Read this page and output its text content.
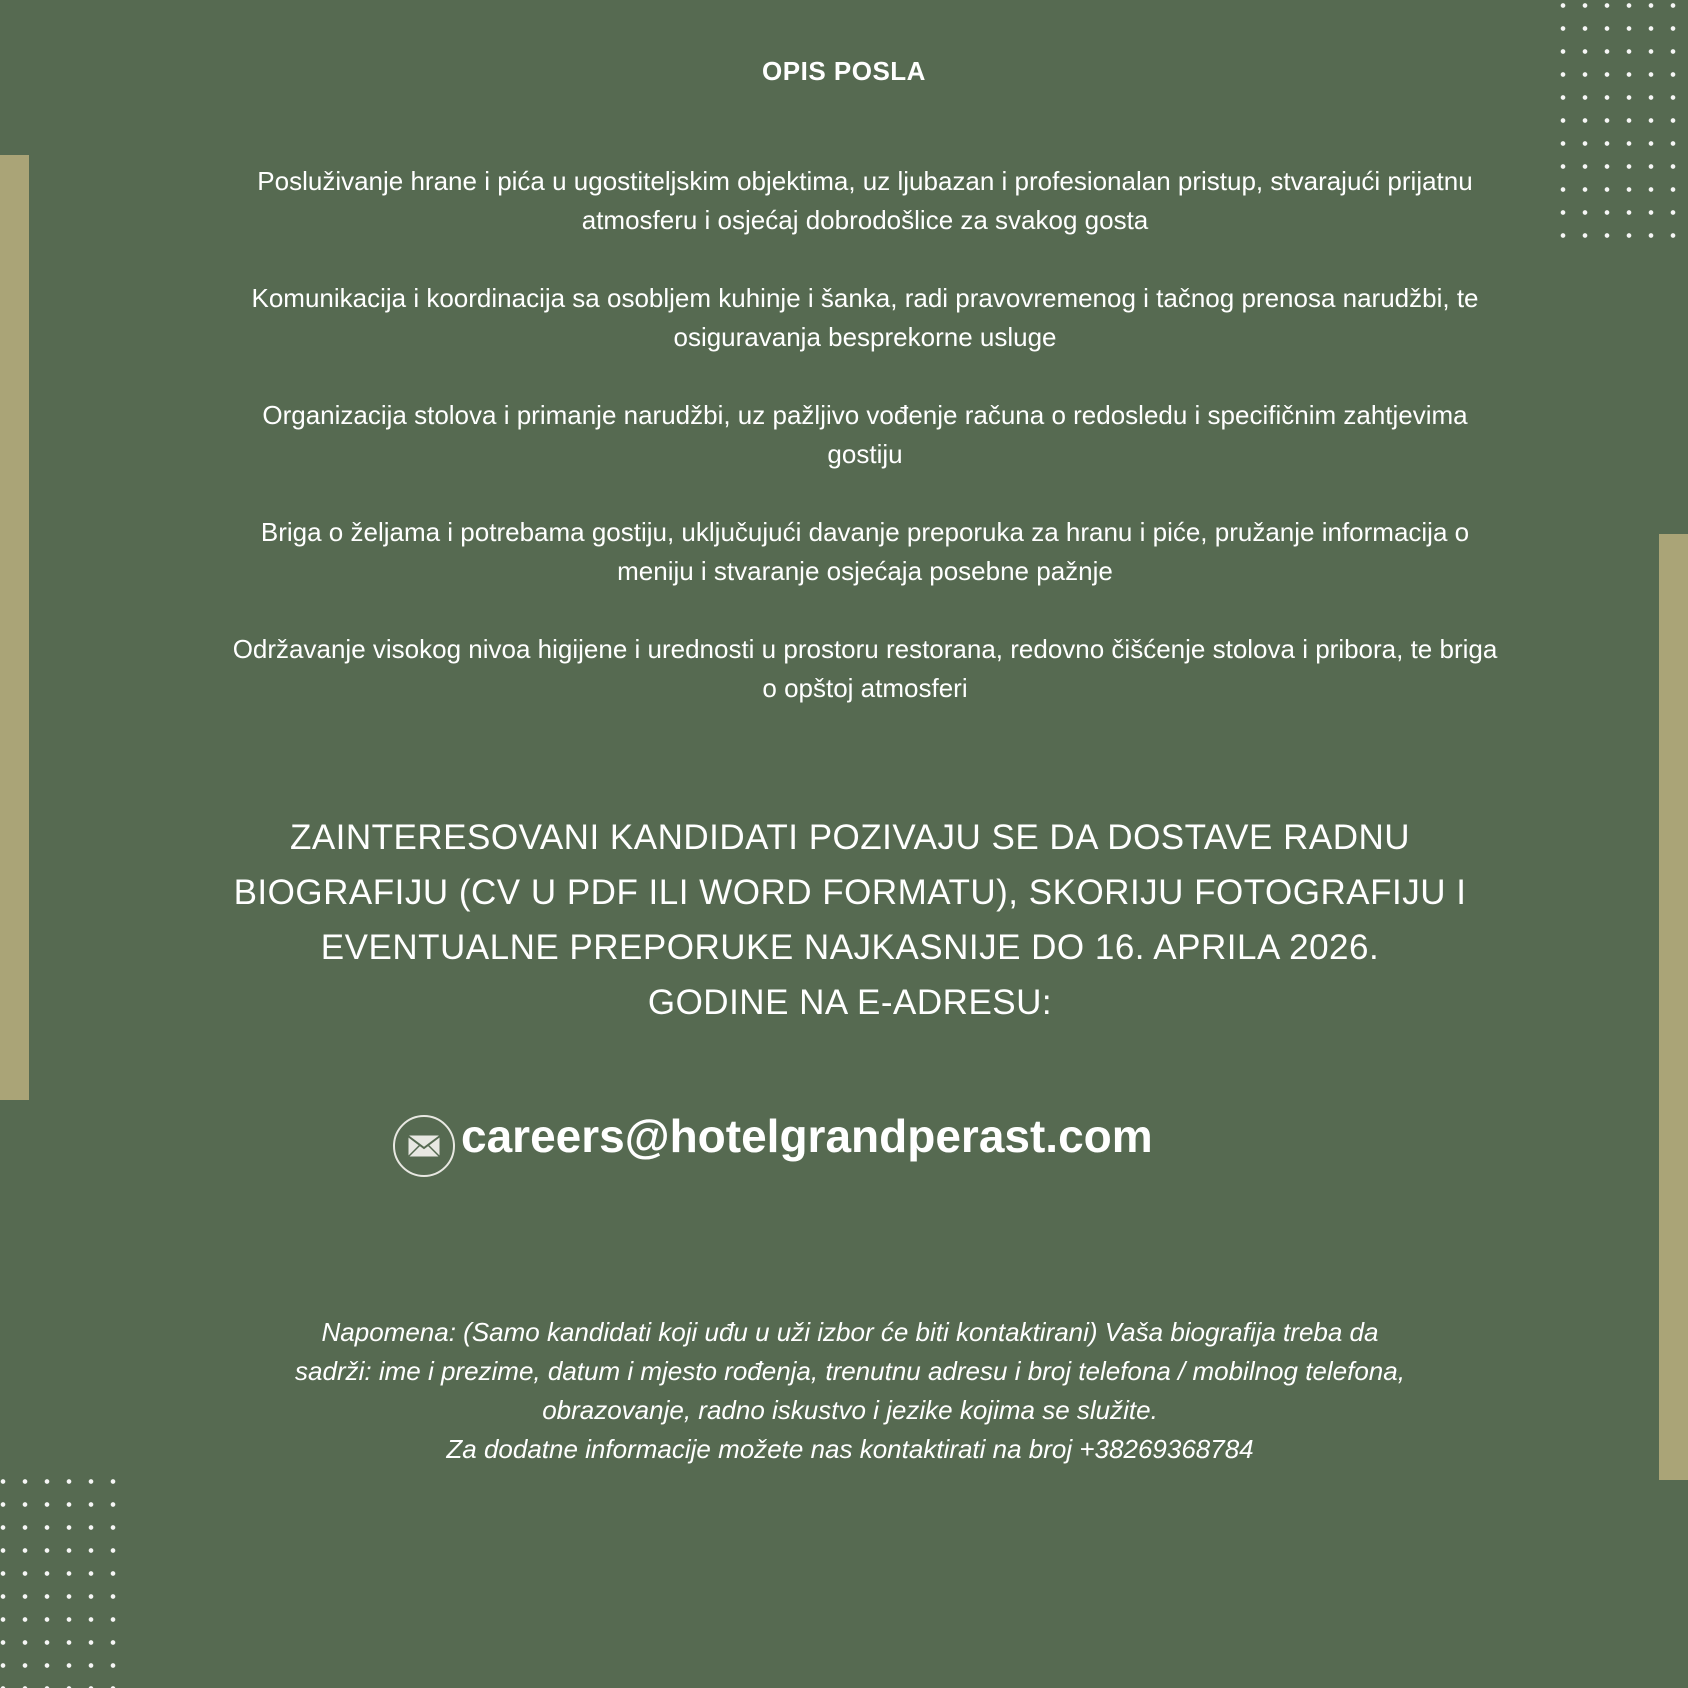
OPIS POSLA
Posluživanje hrane i pića u ugostiteljskim objektima, uz ljubazan i profesionalan pristup, stvarajući prijatnu atmosferu i osjećaj dobrodošlice za svakog gosta
Komunikacija i koordinacija sa osobljem kuhinje i šanka, radi pravovremenog i tačnog prenosa narudžbi, te osiguravanja besprekorne usluge
Organizacija stolova i primanje narudžbi, uz pažljivo vođenje računa o redosledu i specifičnim zahtjevima gostiju
Briga o željama i potrebama gostiju, uključujući davanje preporuka za hranu i piće, pružanje informacija o meniju i stvaranje osjećaja posebne pažnje
Održavanje visokog nivoa higijene i urednosti u prostoru restorana, redovno čišćenje stolova i pribora, te briga o opštoj atmosferi
ZAINTERESOVANI KANDIDATI POZIVAJU SE DA DOSTAVE RADNU
BIOGRAFIJU (CV U PDF ILI WORD FORMATU), SKORIJU FOTOGRAFIJU I
EVENTUALNE PREPORUKE NAJKASNIJE DO 16. APRILA 2026.
GODINE NA E-ADRESU:
careers@hotelgrandperast.com
Napomena: (Samo kandidati koji uđu u uži izbor će biti kontaktirani) Vaša biografija treba da
sadrži: ime i prezime, datum i mjesto rođenja, trenutnu adresu i broj telefona / mobilnog telefona,
obrazovanje, radno iskustvo i jezike kojima se služite.
Za dodatne informacije možete nas kontaktirati na broj +38269368784
